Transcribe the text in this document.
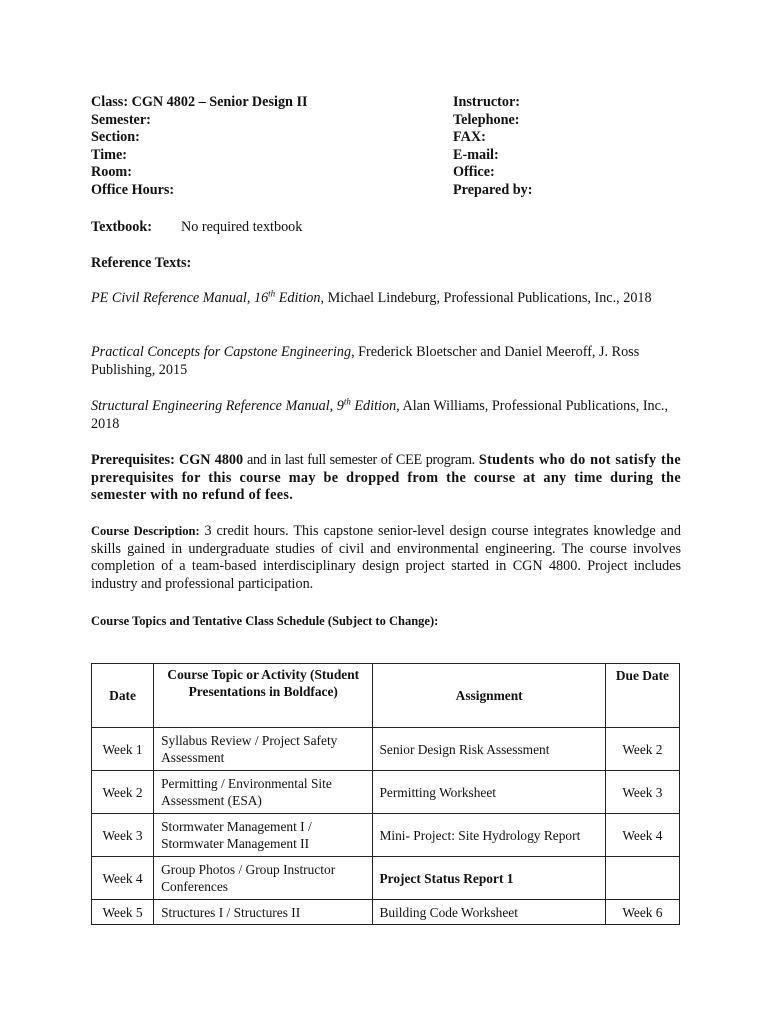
Class: CGN 4802 – Senior Design II
Semester:
Section:
Time:
Room:
Office Hours:
Instructor:
Telephone:
FAX:
E-mail:
Office:
Prepared by:
Textbook: No required textbook
Reference Texts:
PE Civil Reference Manual, 16th Edition, Michael Lindeburg, Professional Publications, Inc., 2018
Practical Concepts for Capstone Engineering, Frederick Bloetscher and Daniel Meeroff, J. Ross Publishing, 2015
Structural Engineering Reference Manual, 9th Edition, Alan Williams, Professional Publications, Inc., 2018
Prerequisites: CGN 4800 and in last full semester of CEE program. Students who do not satisfy the prerequisites for this course may be dropped from the course at any time during the semester with no refund of fees.
Course Description: 3 credit hours. This capstone senior-level design course integrates knowledge and skills gained in undergraduate studies of civil and environmental engineering. The course involves completion of a team-based interdisciplinary design project started in CGN 4800. Project includes industry and professional participation.
Course Topics and Tentative Class Schedule (Subject to Change):
Date	Course Topic or Activity (Student Presentations in Boldface)	Assignment	Due Date
Week 1	Syllabus Review / Project Safety Assessment	Senior Design Risk Assessment	Week 2
Week 2	Permitting / Environmental Site Assessment (ESA)	Permitting Worksheet	Week 3
Week 3	Stormwater Management I / Stormwater Management II	Mini- Project: Site Hydrology Report	Week 4
Week 4	Group Photos / Group Instructor Conferences	Project Status Report 1	
Week 5	Structures I / Structures II	Building Code Worksheet	Week 6
